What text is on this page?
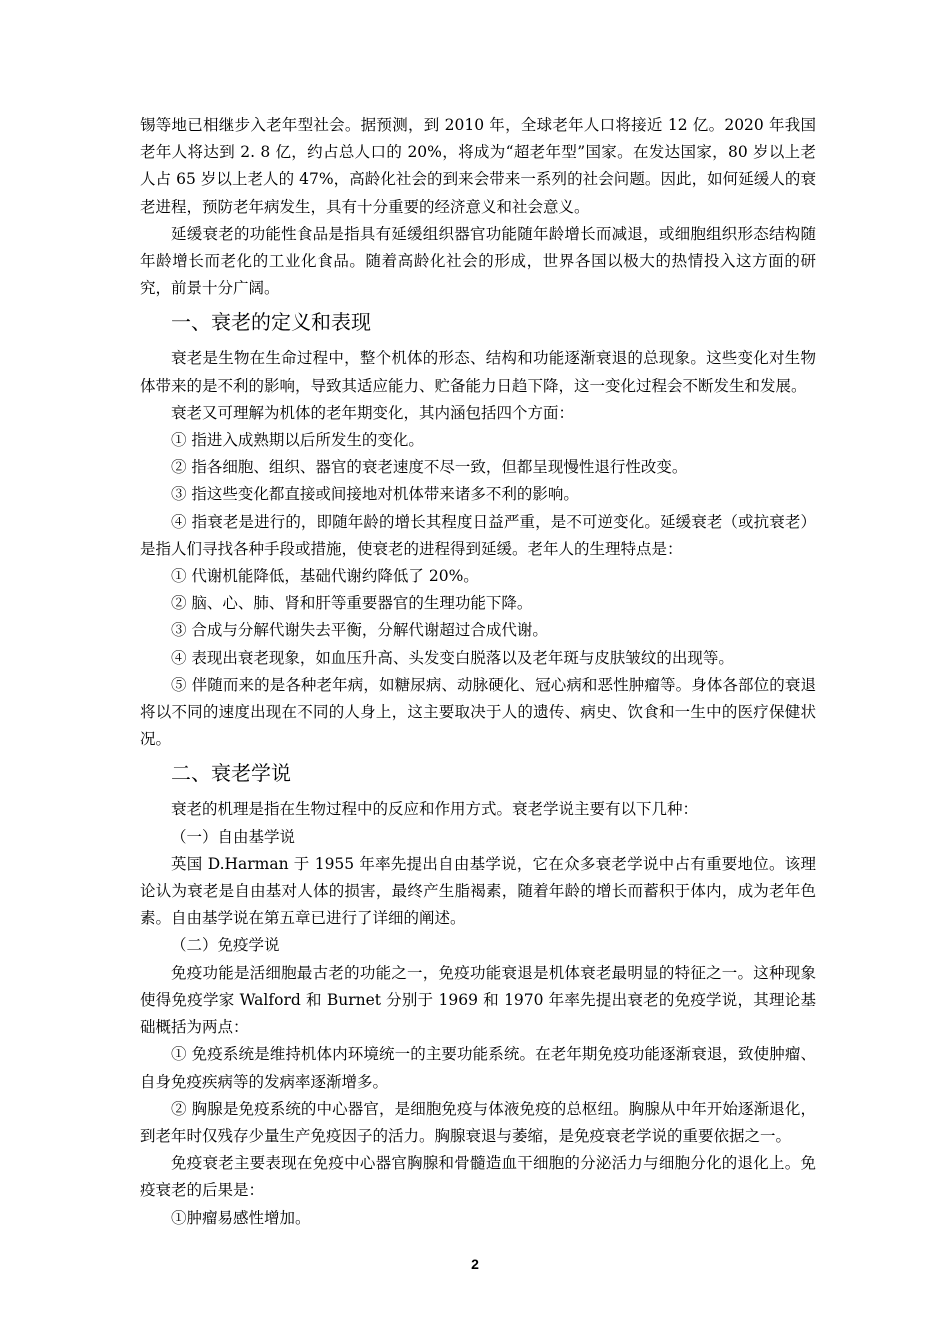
锡等地已相继步入老年型社会。据预测，到 2010 年，全球老年人口将接近 12 亿。2020 年我国老年人将达到 2. 8 亿，约占总人口的 20%，将成为“超老年型”国家。在发达国家，80 岁以上老人占 65 岁以上老人的 47%，高龄化社会的到来会带来一系列的社会问题。因此，如何延缓人的衰老进程，预防老年病发生，具有十分重要的经济意义和社会意义。

延缓衰老的功能性食品是指具有延缓组织器官功能随年龄增长而减退，或细胞组织形态结构随年龄增长而老化的工业化食品。随着高龄化社会的形成，世界各国以极大的热情投入这方面的研究，前景十分广阔。

一、衰老的定义和表现

衰老是生物在生命过程中，整个机体的形态、结构和功能逐渐衰退的总现象。这些变化对生物体带来的是不利的影响，导致其适应能力、贮备能力日趋下降，这一变化过程会不断发生和发展。

衰老又可理解为机体的老年期变化，其内涵包括四个方面：

① 指进入成熟期以后所发生的变化。

② 指各细胞、组织、器官的衰老速度不尽一致，但都呈现慢性退行性改变。

③ 指这些变化都直接或间接地对机体带来诸多不利的影响。

④ 指衰老是进行的，即随年龄的增长其程度日益严重，是不可逆变化。延缓衰老（或抗衰老）是指人们寻找各种手段或措施，使衰老的进程得到延缓。老年人的生理特点是：

① 代谢机能降低，基础代谢约降低了 20%。

② 脑、心、肺、肾和肝等重要器官的生理功能下降。

③ 合成与分解代谢失去平衡，分解代谢超过合成代谢。

④ 表现出衰老现象，如血压升高、头发变白脱落以及老年斑与皮肤皱纹的出现等。

⑤ 伴随而来的是各种老年病，如糖尿病、动脉硬化、冠心病和恶性肿瘤等。身体各部位的衰退将以不同的速度出现在不同的人身上，这主要取决于人的遗传、病史、饮食和一生中的医疗保健状况。

二、衰老学说

衰老的机理是指在生物过程中的反应和作用方式。衰老学说主要有以下几种：

（一）自由基学说

英国 D.Harman 于 1955 年率先提出自由基学说，它在众多衰老学说中占有重要地位。该理论认为衰老是自由基对人体的损害，最终产生脂褐素，随着年龄的增长而蓄积于体内，成为老年色素。自由基学说在第五章已进行了详细的阐述。

（二）免疫学说

免疫功能是活细胞最古老的功能之一，免疫功能衰退是机体衰老最明显的特征之一。这种现象使得免疫学家 Walford 和 Burnet 分别于 1969 和 1970 年率先提出衰老的免疫学说，其理论基础概括为两点：

① 免疫系统是维持机体内环境统一的主要功能系统。在老年期免疫功能逐渐衰退，致使肿瘤、自身免疫疾病等的发病率逐渐增多。

② 胸腺是免疫系统的中心器官，是细胞免疫与体液免疫的总枢纽。胸腺从中年开始逐渐退化，到老年时仅残存少量生产免疫因子的活力。胸腺衰退与萎缩，是免疫衰老学说的重要依据之一。

免疫衰老主要表现在免疫中心器官胸腺和骨髓造血干细胞的分泌活力与细胞分化的退化上。免疫衰老的后果是：

①肿瘤易感性增加。

2
